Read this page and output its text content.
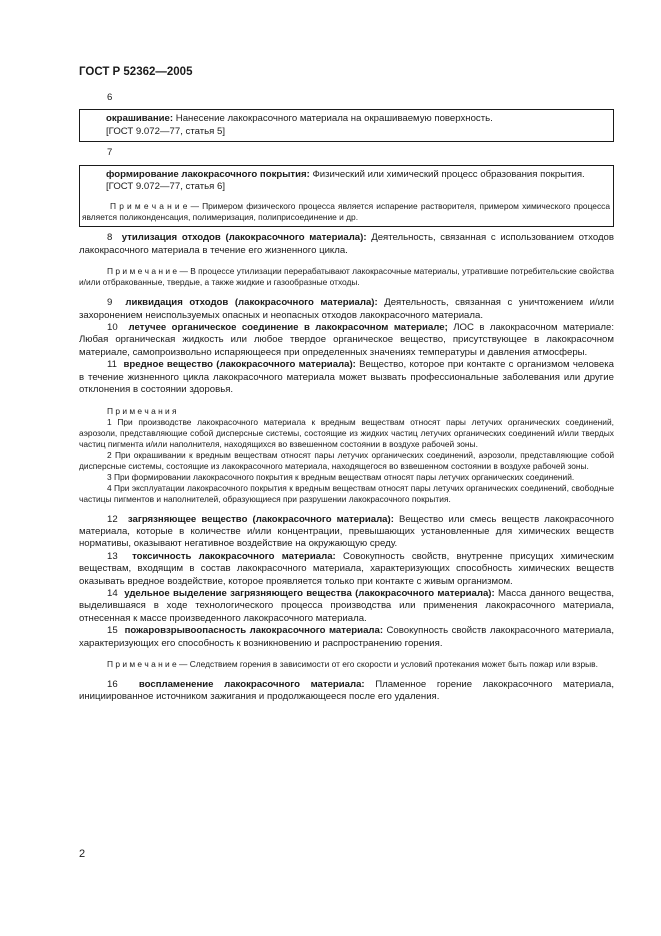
ГОСТ Р 52362—2005

6

окрашивание: Нанесение лакокрасочного материала на окрашиваемую поверхность.

[ГОСТ 9.072—77, статья 5]

7

формирование лакокрасочного покрытия: Физический или химический процесс образования покрытия.

[ГОСТ 9.072—77, статья 6]

П р и м е ч а н и е — Примером физического процесса является испарение растворителя, примером химического процесса является поликонденсация, полимеризация, полиприсоединение и др.

8 утилизация отходов (лакокрасочного материала): Деятельность, связанная с использованием отходов лакокрасочного материала в течение его жизненного цикла.

П р и м е ч а н и е — В процессе утилизации перерабатывают лакокрасочные материалы, утратившие потребительские свойства и/или отбракованные, твердые, а также жидкие и газообразные отходы.

9 ликвидация отходов (лакокрасочного материала): Деятельность, связанная с уничтожением и/или захоронением неиспользуемых опасных и неопасных отходов лакокрасочного материала.

10 летучее органическое соединение в лакокрасочном материале; ЛОС в лакокрасочном материале: Любая органическая жидкость или любое твердое органическое вещество, присутствующее в лакокрасочном материале, самопроизвольно испаряющееся при определенных значениях температуры и давления атмосферы.

11 вредное вещество (лакокрасочного материала): Вещество, которое при контакте с организмом человека в течение жизненного цикла лакокрасочного материала может вызвать профессиональные заболевания или другие отклонения в состоянии здоровья.

П р и м е ч а н и я

1 При производстве лакокрасочного материала к вредным веществам относят пары летучих органических соединений, аэрозоли, представляющие собой дисперсные системы, состоящие из жидких частиц летучих органических соединений и/или твердых частиц пигмента и/или наполнителя, находящихся во взвешенном состоянии в воздухе рабочей зоны.

2 При окрашивании к вредным веществам относят пары летучих органических соединений, аэрозоли, представляющие собой дисперсные системы, состоящие из лакокрасочного материала, находящегося во взвешенном состоянии в воздухе рабочей зоны.

3 При формировании лакокрасочного покрытия к вредным веществам относят пары летучих органических соединений.

4 При эксплуатации лакокрасочного покрытия к вредным веществам относят пары летучих органических соединений, свободные частицы пигментов и наполнителей, образующиеся при разрушении лакокрасочного покрытия.

12 загрязняющее вещество (лакокрасочного материала): Вещество или смесь веществ лакокрасочного материала, которые в количестве и/или концентрации, превышающих установленные для химических веществ нормативы, оказывают негативное воздействие на окружающую среду.

13 токсичность лакокрасочного материала: Совокупность свойств, внутренне присущих химическим веществам, входящим в состав лакокрасочного материала, характеризующих способность химических веществ оказывать вредное воздействие, которое проявляется только при контакте с живым организмом.

14 удельное выделение загрязняющего вещества (лакокрасочного материала): Масса данного вещества, выделившаяся в ходе технологического процесса производства или применения лакокрасочного материала, отнесенная к массе произведенного лакокрасочного материала.

15 пожаровзрывоопасность лакокрасочного материала: Совокупность свойств лакокрасочного материала, характеризующих его способность к возникновению и распространению горения.

П р и м е ч а н и е — Следствием горения в зависимости от его скорости и условий протекания может быть пожар или взрыв.

16 воспламенение лакокрасочного материала: Пламенное горение лакокрасочного материала, инициированное источником зажигания и продолжающееся после его удаления.

2
